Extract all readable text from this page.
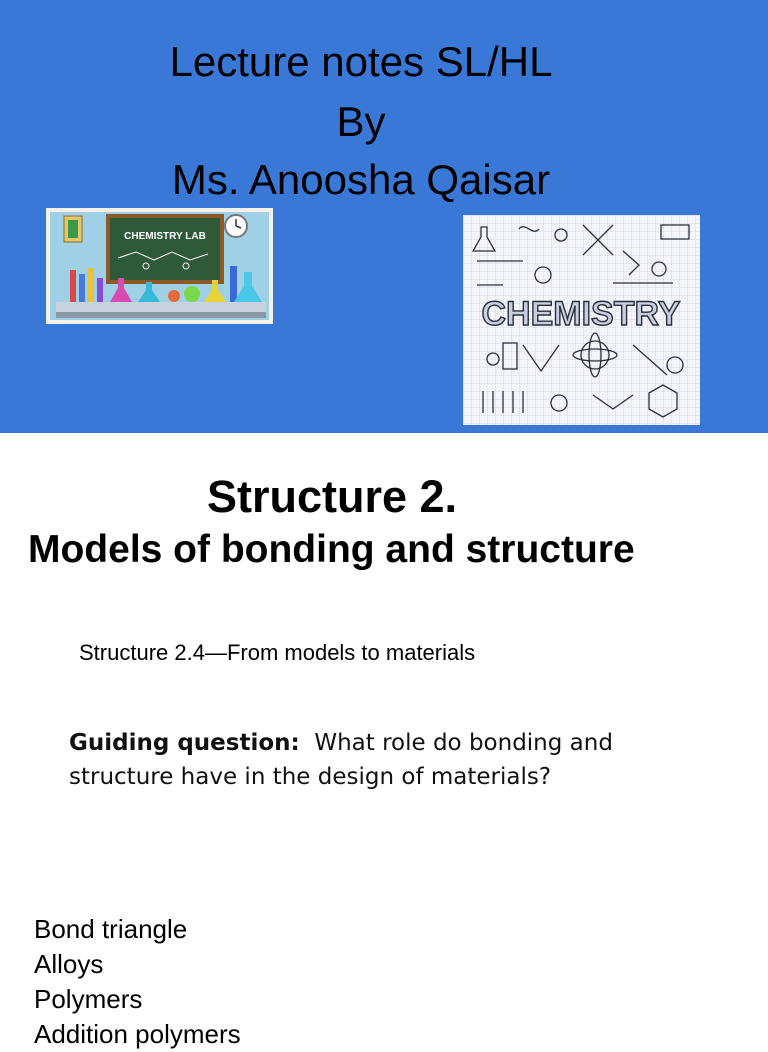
Lecture notes SL/HL
By
Ms. Anoosha Qaisar
CHEMISTRY LAB
CHEMISTRY
Structure 2.
Models of bonding and structure
Structure 2.4—From models to materials
Guiding question: What role do bonding and structure have in the design of materials?
Bond triangle
Alloys
Polymers
Addition polymers
